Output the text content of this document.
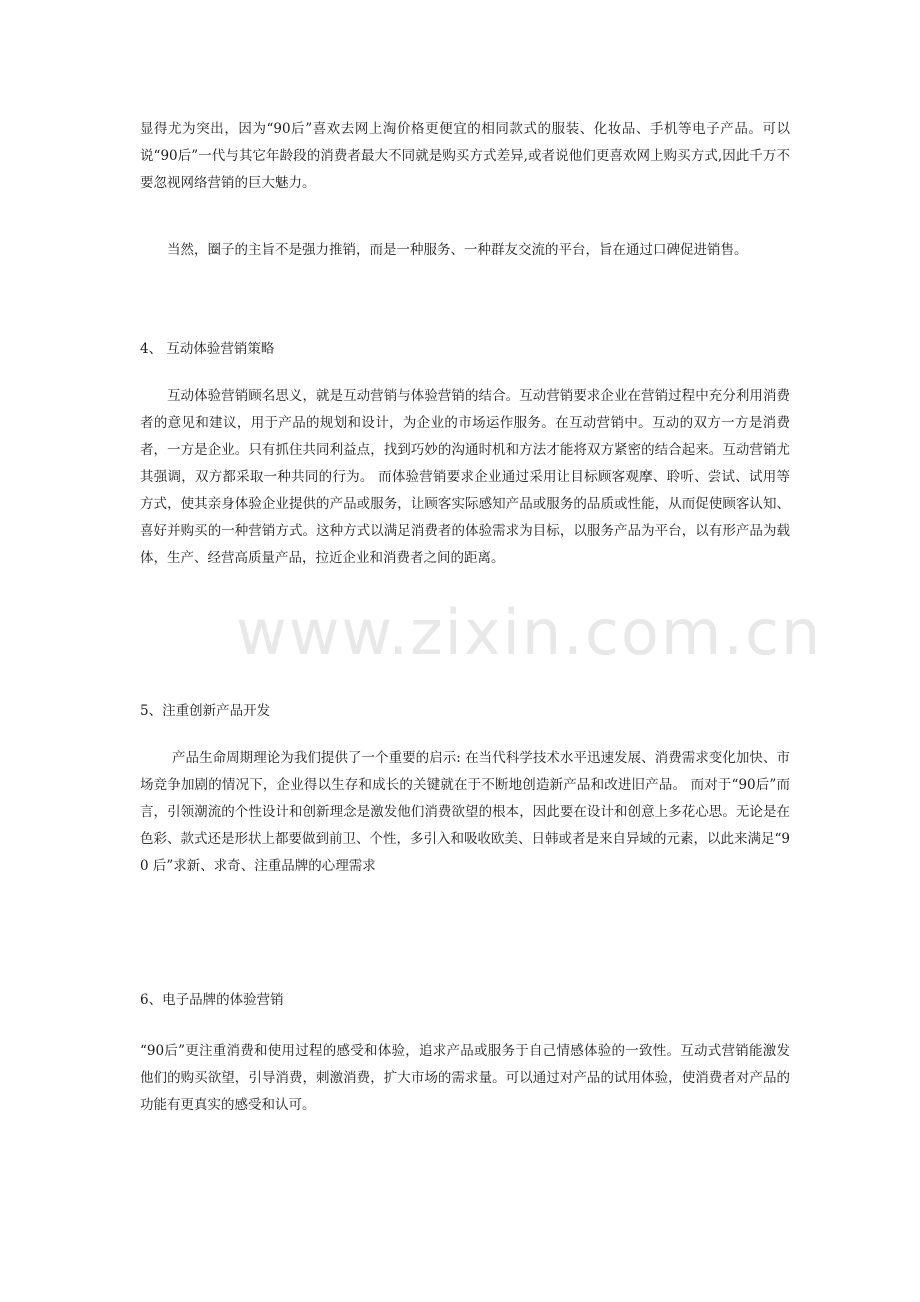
显得尤为突出，因为“90后”喜欢去网上淘价格更便宜的相同款式的服装、化妆品、手机等电子产品。可以说“90后”一代与其它年龄段的消费者最大不同就是购买方式差异,或者说他们更喜欢网上购买方式,因此千万不要忽视网络营销的巨大魅力。

当然，圈子的主旨不是强力推销，而是一种服务、一种群友交流的平台，旨在通过口碑促进销售。

4、 互动体验营销策略

互动体验营销顾名思义，就是互动营销与体验营销的结合。互动营销要求企业在营销过程中充分利用消费者的意见和建议，用于产品的规划和设计，为企业的市场运作服务。在互动营销中。互动的双方一方是消费者，一方是企业。只有抓住共同利益点，找到巧妙的沟通时机和方法才能将双方紧密的结合起来。互动营销尤其强调，双方都采取一种共同的行为。 而体验营销要求企业通过采用让目标顾客观摩、聆听、尝试、试用等　方式，使其亲身体验企业提供的产品或服务，让顾客实际感知产品或服务的品质或性能，从而促使顾客认知、喜好并购买的一种营销方式。这种方式以满足消费者的体验需求为目标，以服务产品为平台，以有形产品为载体，生产、经营高质量产品，拉近企业和消费者之间的距离。

5、注重创新产品开发

产品生命周期理论为我们提供了一个重要的启示: 在当代科学技术水平迅速发展、消费需求变化加快、市场竞争加剧的情况下，企业得以生存和成长的关键就在于不断地创造新产品和改进旧产品。 而对于“90后”而言，引领潮流的个性设计和创新理念是激发他们消费欲望的根本，因此要在设计和创意上多花心思。无论是在色彩、款式还是形状上都要做到前卫、个性，多引入和吸收欧美、日韩或者是来自异域的元素，以此来满足“90 后”求新、求奇、注重品牌的心理需求

6、电子品牌的体验营销

“90后”更注重消费和使用过程的感受和体验，追求产品或服务于自己情感体验的一致性。互动式营销能激发他们的购买欲望，引导消费，刺激消费，扩大市场的需求量。可以通过对产品的试用体验，使消费者对产品的功能有更真实的感受和认可。

www.zixin.com.cn
